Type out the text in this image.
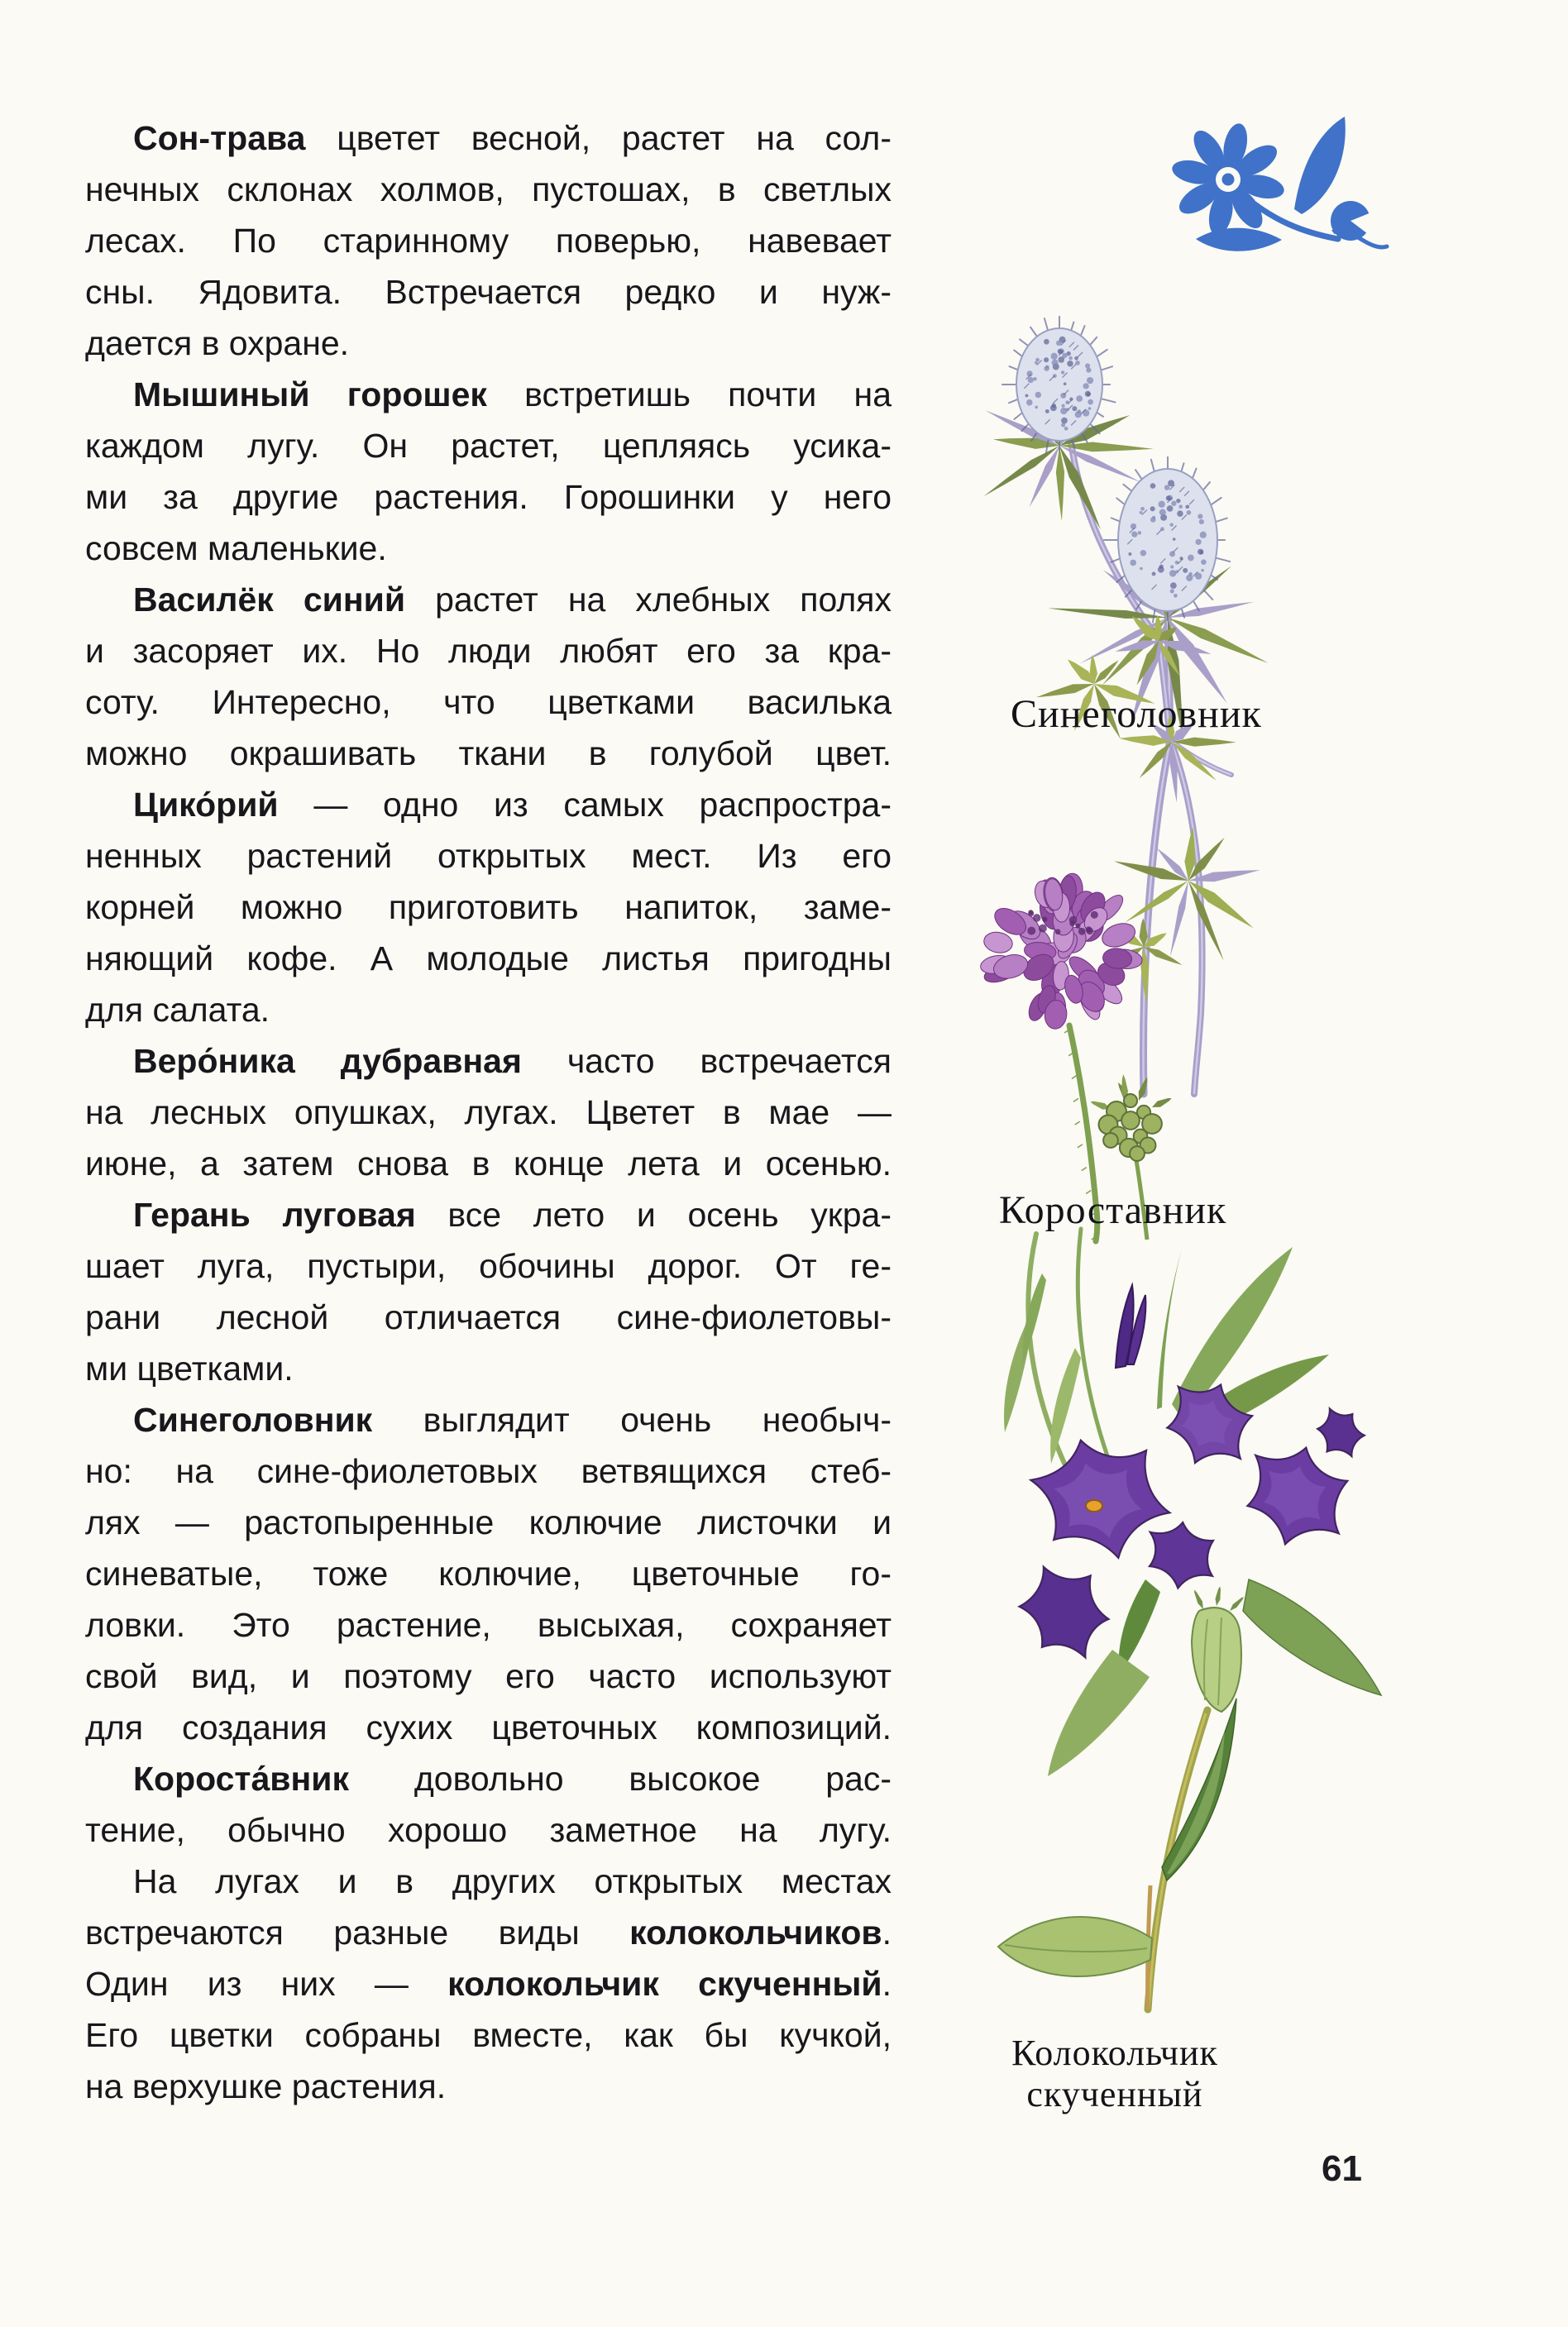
Сон-трава цветет весной, растет на сол-
нечных склонах холмов, пустошах, в светлых
лесах. По старинному поверью, навевает
сны. Ядовита. Встречается редко и нуж-
дается в охране.
Мышиный горошек встретишь почти на
каждом лугу. Он растет, цепляясь усика-
ми за другие растения. Горошинки у него
совсем маленькие.
Василёк синий растет на хлебных полях
и засоряет их. Но люди любят его за кра-
соту. Интересно, что цветками василька
можно окрашивать ткани в голубой цвет.
Цико́рий — одно из самых распростра-
ненных растений открытых мест. Из его
корней можно приготовить напиток, заме-
няющий кофе. А молодые листья пригодны
для салата.
Веро́ника дубравная часто встречается
на лесных опушках, лугах. Цветет в мае —
июне, а затем снова в конце лета и осенью.
Герань луговая все лето и осень укра-
шает луга, пустыри, обочины дорог. От ге-
рани лесной отличается сине-фиолетовы-
ми цветками.
Синеголовник выглядит очень необыч-
но: на сине-фиолетовых ветвящихся стеб-
лях — растопыренные колючие листочки и
синеватые, тоже колючие, цветочные го-
ловки. Это растение, высыхая, сохраняет
свой вид, и поэтому его часто используют
для создания сухих цветочных композиций.
Короста́вник довольно высокое рас-
тение, обычно хорошо заметное на лугу.
На лугах и в других открытых местах
встречаются разные виды колокольчиков.
Один из них — колокольчик скученный.
Его цветки собраны вместе, как бы кучкой,
на верхушке растения.
Синеголовник
Короставник
Колокольчик
скученный
61
